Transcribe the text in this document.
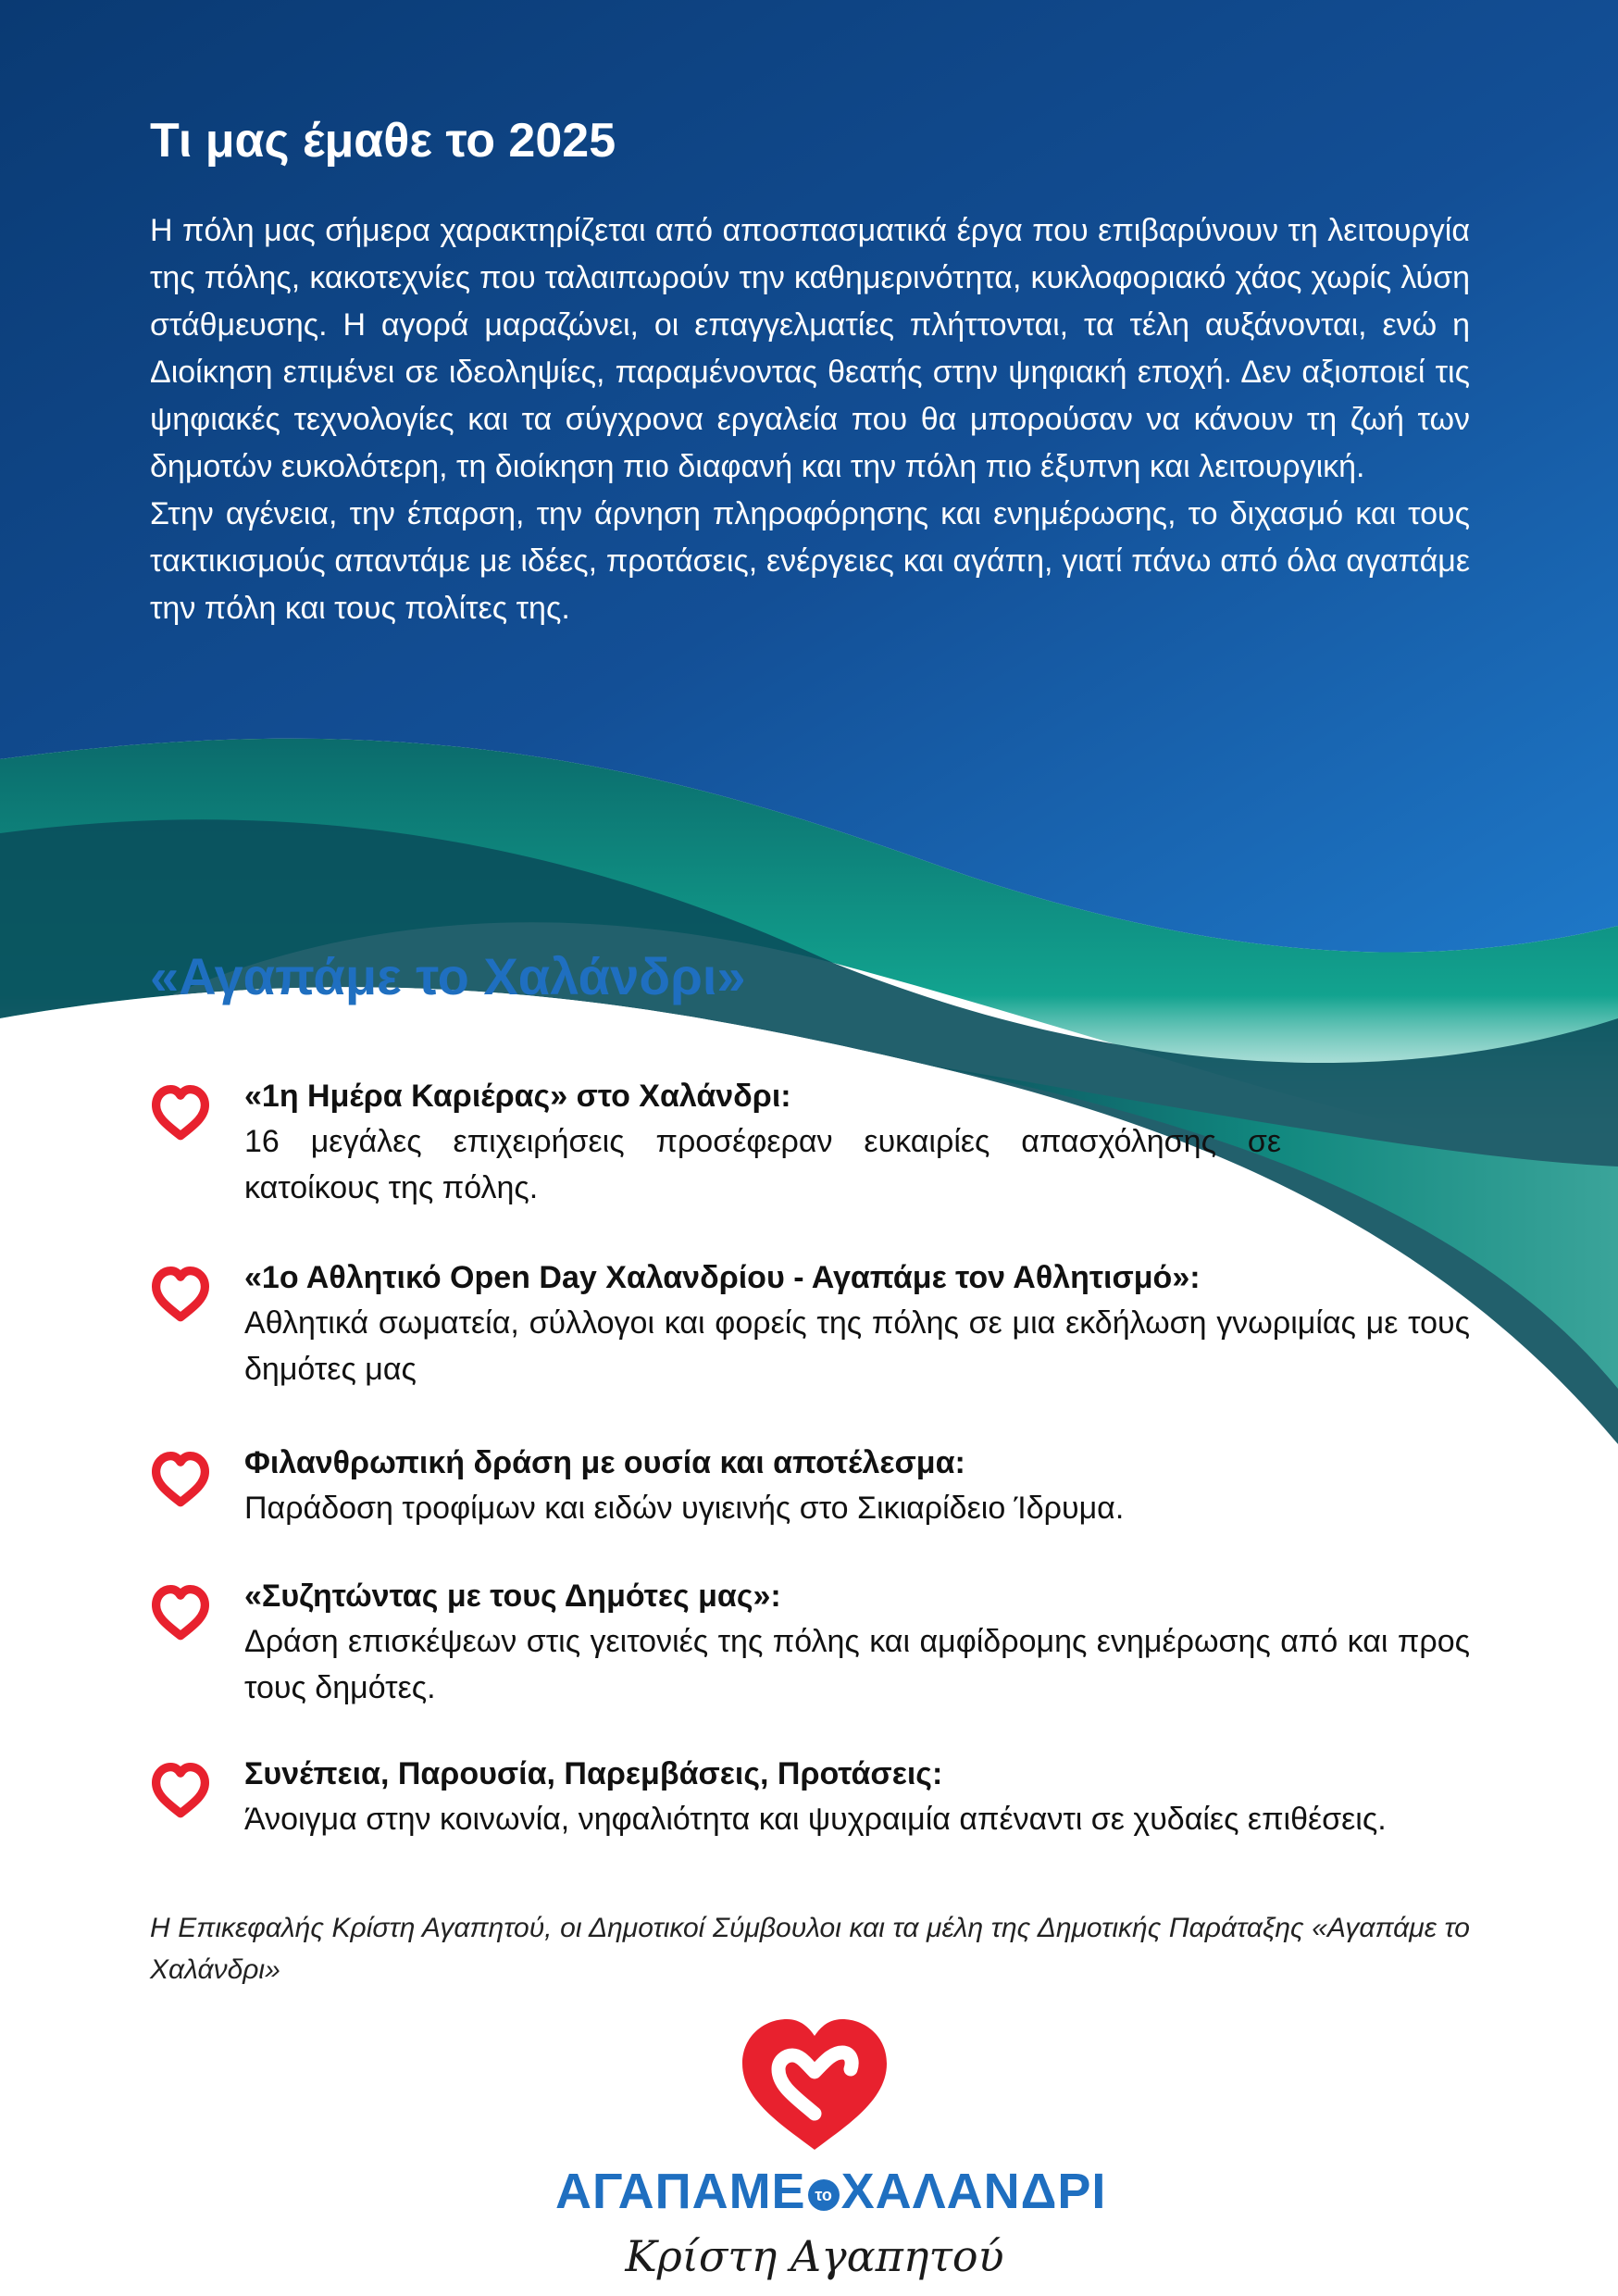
Τι μας έμαθε το 2025

Η πόλη μας σήμερα χαρακτηρίζεται από αποσπασματικά έργα που επιβαρύνουν τη λειτουργία της πόλης, κακοτεχνίες που ταλαιπωρούν την καθημερινότητα, κυκλοφοριακό χάος χωρίς λύση στάθμευσης. Η αγορά μαραζώνει, οι επαγγελματίες πλήττονται, τα τέλη αυξάνονται, ενώ η Διοίκηση επιμένει σε ιδεοληψίες, παραμένοντας θεατής στην ψηφιακή εποχή. Δεν αξιοποιεί τις ψηφιακές τεχνολογίες και τα σύγχρονα εργαλεία που θα μπορούσαν να κάνουν τη ζωή των δημοτών ευκολότερη, τη διοίκηση πιο διαφανή και την πόλη πιο έξυπνη και λειτουργική.

Στην αγένεια, την έπαρση, την άρνηση πληροφόρησης και ενημέρωσης, το διχασμό και τους τακτικισμούς απαντάμε με ιδέες, προτάσεις, ενέργειες και αγάπη, γιατί πάνω από όλα αγαπάμε την πόλη και τους πολίτες της.

«Αγαπάμε το Χαλάνδρι»
«1η Ημέρα Καριέρας» στο Χαλάνδρι:
16 μεγάλες επιχειρήσεις προσέφεραν ευκαιρίες απασχόλησης σε κατοίκους της πόλης.
«1ο Αθλητικό Open Day Χαλανδρίου - Αγαπάμε τον Αθλητισμό»:
Αθλητικά σωματεία, σύλλογοι και φορείς της πόλης σε μια εκδήλωση γνωριμίας με τους δημότες μας
Φιλανθρωπική δράση με ουσία και αποτέλεσμα:
Παράδοση τροφίμων και ειδών υγιεινής στο Σικιαρίδειο Ίδρυμα.
«Συζητώντας με τους Δημότες μας»:
Δράση επισκέψεων στις γειτονιές της πόλης και αμφίδρομης ενημέρωσης από και προς τους δημότες.
Συνέπεια, Παρουσία, Παρεμβάσεις, Προτάσεις:
Άνοιγμα στην κοινωνία, νηφαλιότητα και ψυχραιμία απέναντι σε χυδαίες επιθέσεις.
Η Επικεφαλής Κρίστη Αγαπητού, οι Δημοτικοί Σύμβουλοι και τα μέλη της Δημοτικής Παράταξης «Αγαπάμε το Χαλάνδρι»
ΑΓΑΠΑΜΕ το ΧΑΛΑΝΔΡΙ
Κρίστη Αγαπητού
